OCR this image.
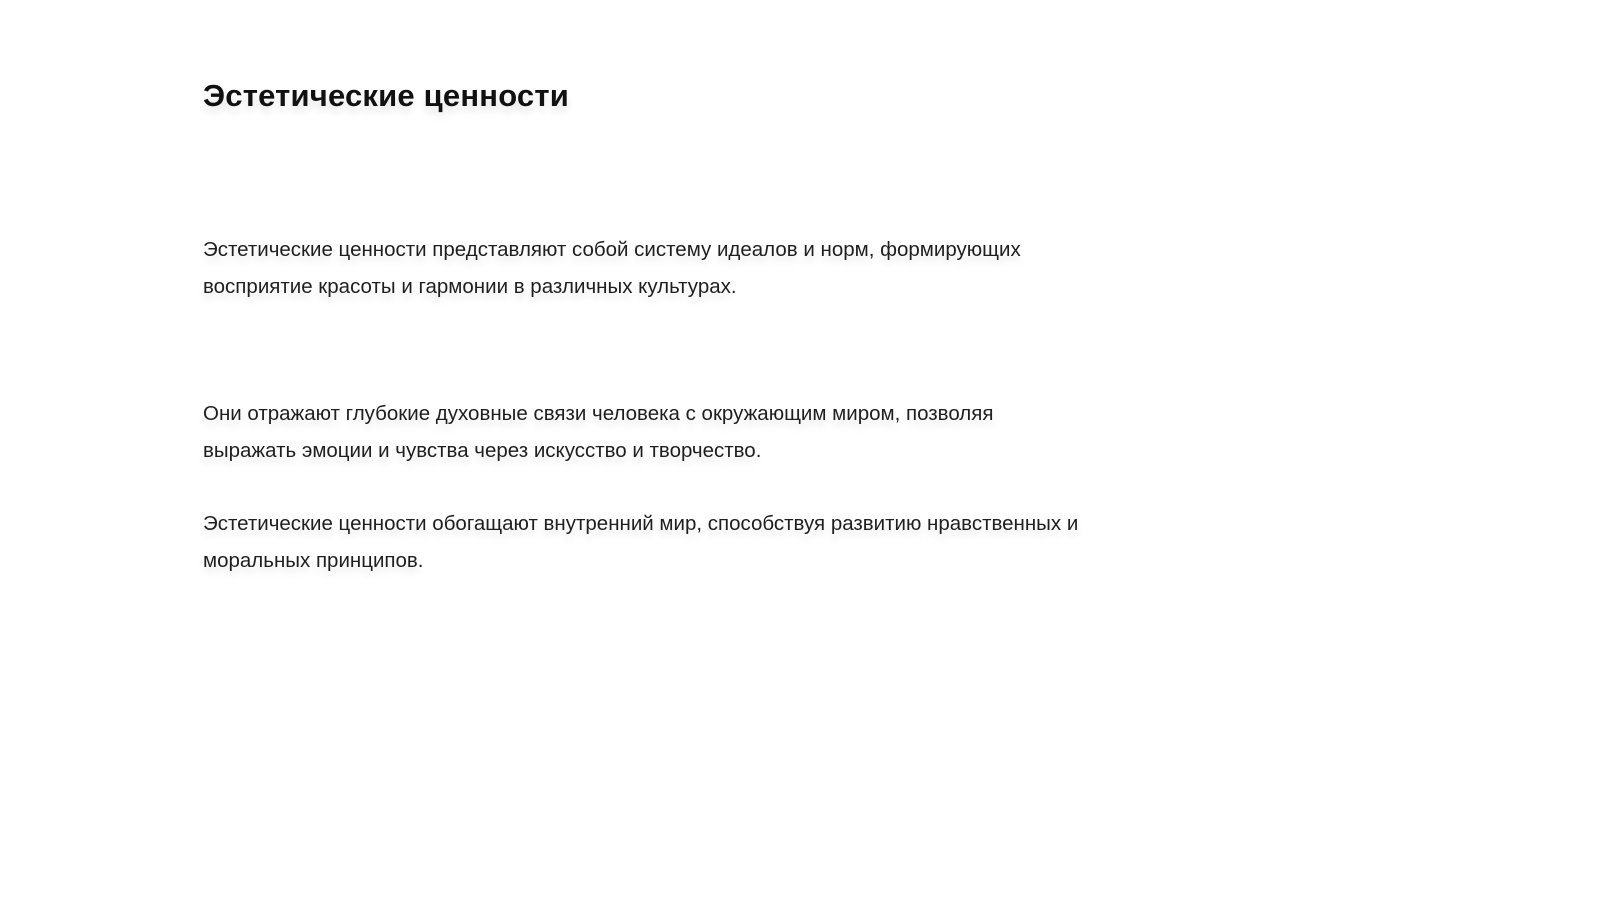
Эстетические ценности

Эстетические ценности представляют собой систему идеалов и норм, формирующих восприятие красоты и гармонии в различных культурах.

Они отражают глубокие духовные связи человека с окружающим миром, позволяя выражать эмоции и чувства через искусство и творчество.

Эстетические ценности обогащают внутренний мир, способствуя развитию нравственных и моральных принципов.
